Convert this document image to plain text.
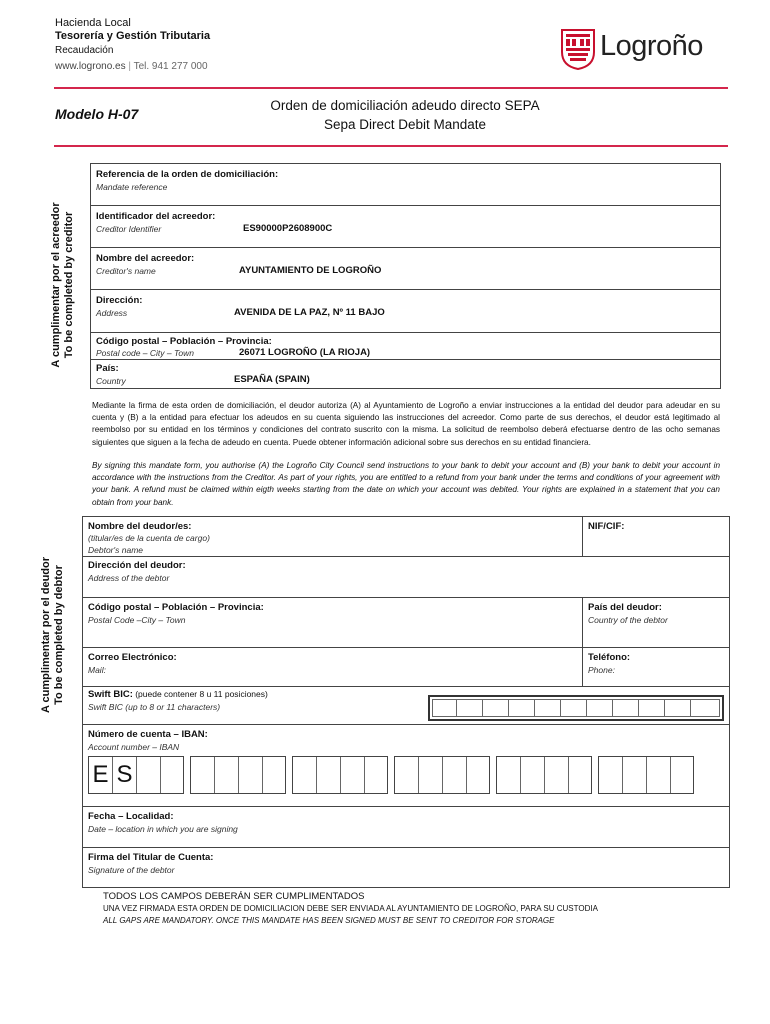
Hacienda Local
Tesorería y Gestión Tributaria
Recaudación
www.logrono.es | Tel. 941 277 000
Logroño
Modelo H-07
Orden de domiciliación adeudo directo SEPA
Sepa Direct Debit Mandate
A cumplimentar por el acreedor To be completed by creditor
Referencia de la orden de domiciliación:
Mandate reference
Identificador del acreedor:
Creditor Identifier	ES90000P2608900C
Nombre del acreedor:
Creditor's name	AYUNTAMIENTO DE LOGROÑO
Dirección:
Address	AVENIDA DE LA PAZ, Nº 11 BAJO
Código postal – Población – Provincia:
Postal code – City – Town	26071 LOGROÑO (LA RIOJA)
País:
Country	ESPAÑA (SPAIN)
Mediante la firma de esta orden de domiciliación, el deudor autoriza (A) al Ayuntamiento de Logroño a enviar instrucciones a la entidad del deudor para adeudar en su cuenta y (B) a la entidad para efectuar los adeudos en su cuenta siguiendo las instrucciones del acreedor. Como parte de sus derechos, el deudor está legitimado al reembolso por su entidad en los términos y condiciones del contrato suscrito con la misma. La solicitud de reembolso deberá efectuarse dentro de las ocho semanas siguientes que siguen a la fecha de adeudo en cuenta. Puede obtener información adicional sobre sus derechos en su entidad financiera.
By signing this mandate form, you authorise (A) the Logroño City Council send instructions to your bank to debit your account and (B) your bank to debit your account in accordance with the instructions from the Creditor. As part of your rights, you are entitled to a refund from your bank under the terms and conditions of your agreement with your bank. A refund must be claimed within eigth weeks starting from the date on which your account was debited. Your rights are explained in a statement that you can obtain from your bank.
A cumplimentar por el deudor To be completed by debtor
Nombre del deudor/es:
(titular/es de la cuenta de cargo)
Debtor's name
NIF/CIF:
Dirección del deudor:
Address of the debtor
Código postal – Población – Provincia:
Postal Code –City – Town
País del deudor:
Country of the debtor
Correo Electrónico:
Mail:
Teléfono:
Phone:
Swift BIC: (puede contener 8 u 11 posiciones)
Swift BIC (up to 8 or 11 characters)
Número de cuenta – IBAN:
Account number – IBAN
E S
Fecha – Localidad:
Date – location in which you are signing
Firma del Titular de Cuenta:
Signature of the debtor
TODOS LOS CAMPOS DEBERÁN SER CUMPLIMENTADOS
UNA VEZ FIRMADA ESTA ORDEN DE DOMICILIACION DEBE SER ENVIADA AL AYUNTAMIENTO DE LOGROÑO, PARA SU CUSTODIA
ALL GAPS ARE MANDATORY. ONCE THIS MANDATE HAS BEEN SIGNED MUST BE SENT TO CREDITOR FOR STORAGE
